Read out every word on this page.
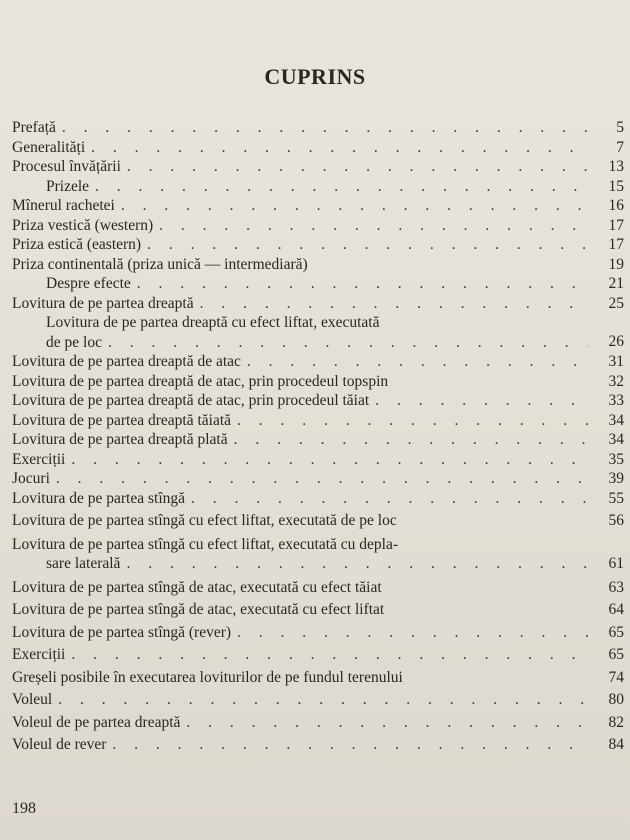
CUPRINS
Prefață . . .	5
Generalități . . .	7
Procesul învățării . . .	13
Prizele . . .	15
Mînerul rachetei . . .	16
Priza vestică (western) . . .	17
Priza estică (eastern) . . .	17
Priza continentală (priza unică — intermediară)	19
Despre efecte . . .	21
Lovitura de pe partea dreaptă . . .	25
Lovitura de pe partea dreaptă cu efect liftat, executată
de pe loc . . .	26
Lovitura de pe partea dreaptă de atac . . .	31
Lovitura de pe partea dreaptă de atac, prin procedeul topspin	32
Lovitura de pe partea dreaptă de atac, prin procedeul tăiat . . .	33
Lovitura de pe partea dreaptă tăiată . . .	34
Lovitura de pe partea dreaptă plată . . .	34
Exerciții . . .	35
Jocuri . . .	39
Lovitura de pe partea stîngă . . .	55
Lovitura de pe partea stîngă cu efect liftat, executată de pe loc	56
Lovitura de pe partea stîngă cu efect liftat, executată cu depla-
sare laterală . . .	61
Lovitura de pe partea stîngă de atac, executată cu efect tăiat	63
Lovitura de pe partea stîngă de atac, executată cu efect liftat	64
Lovitura de pe partea stîngă (rever) . . .	65
Exerciții . . .	65
Greșeli posibile în executarea loviturilor de pe fundul terenului	74
Voleul . . .	80
Voleul de pe partea dreaptă . . .	82
Voleul de rever . . .	84
198
